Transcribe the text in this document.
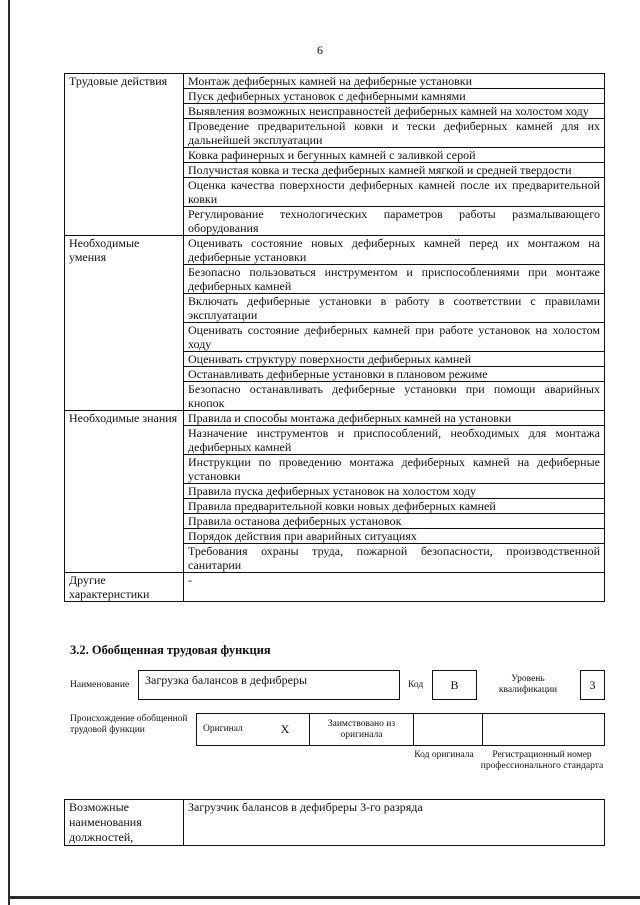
6
Трудовые действия	Монтаж дефиберных камней на дефиберные установки
	Пуск дефиберных установок с дефиберными камнями
	Выявления возможных неисправностей дефиберных камней на холостом ходу
	Проведение предварительной ковки и тески дефиберных камней для их дальнейшей эксплуатации
	Ковка рафинерных и бегунных камней с заливкой серой
	Получистая ковка и теска дефиберных камней мягкой и средней твердости
	Оценка качества поверхности дефиберных камней после их предварительной ковки
	Регулирование технологических параметров работы размалывающего оборудования
Необходимые умения	Оценивать состояние новых дефиберных камней перед их монтажом на дефиберные установки
	Безопасно пользоваться инструментом и приспособлениями при монтаже дефиберных камней
	Включать дефиберные установки в работу в соответствии с правилами эксплуатации
	Оценивать состояние дефиберных камней при работе установок на холостом ходу
	Оценивать структуру поверхности дефиберных камней
	Останавливать дефиберные установки в плановом режиме
	Безопасно останавливать дефиберные установки при помощи аварийных кнопок
Необходимые знания	Правила и способы монтажа дефиберных камней на установки
	Назначение инструментов и приспособлений, необходимых для монтажа дефиберных камней
	Инструкции по проведению монтажа дефиберных камней на дефиберные установки
	Правила пуска дефиберных установок на холостом ходу
	Правила предварительной ковки новых дефиберных камней
	Правила останова дефиберных установок
	Порядок действия при аварийных ситуациях
	Требования охраны труда, пожарной безопасности, производственной санитарии
Другие характеристики	-
3.2. Обобщенная трудовая функция
Наименование	Загрузка балансов в дефибреры	Код	B	Уровень квалификации	3
Происхождение обобщенной трудовой функции	Оригинал	X	Заимствовано из оригинала		
Код оригинала	Регистрационный номер профессионального стандарта
Возможные наименования должностей,	Загрузчик балансов в дефибреры 3-го разряда
